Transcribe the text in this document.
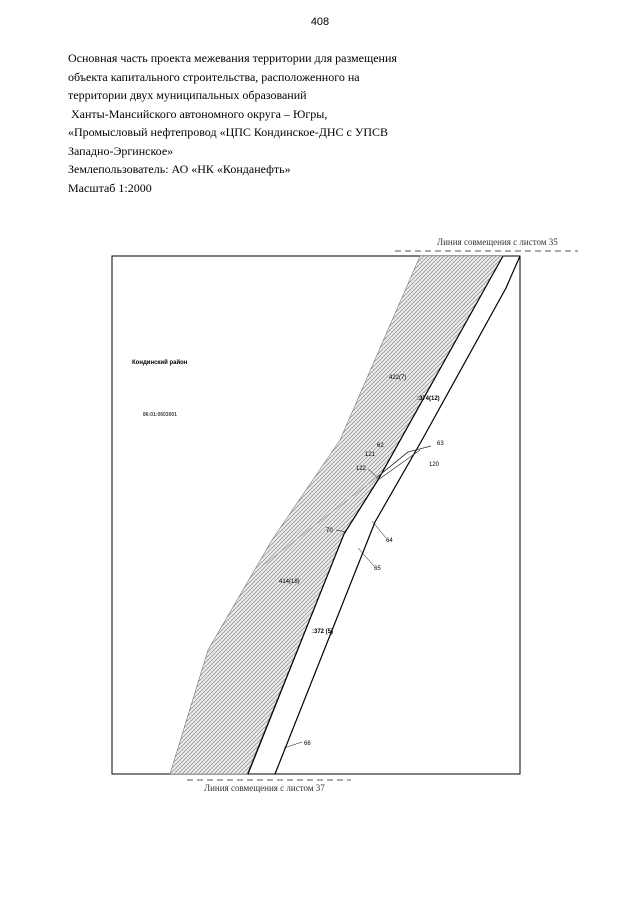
408
Основная часть проекта межевания территории для размещения
объекта капитального строительства, расположенного на
территории двух муниципальных образований
Ханты-Мансийского автономного округа – Югры,
«Промысловый нефтепровод «ЦПС Кондинское-ДНС с УПСВ
Западно-Эргинское»
Землепользователь: АО «НК «Конданефть»
Масштаб 1:2000
Линия совмещения с листом 35
Кондинский район
86:01:0603001
422(7)
:374(12)
414(18)
:372 (5)
62	63
121
120
122
70
64
65
66
Линия совмещения с листом 37
